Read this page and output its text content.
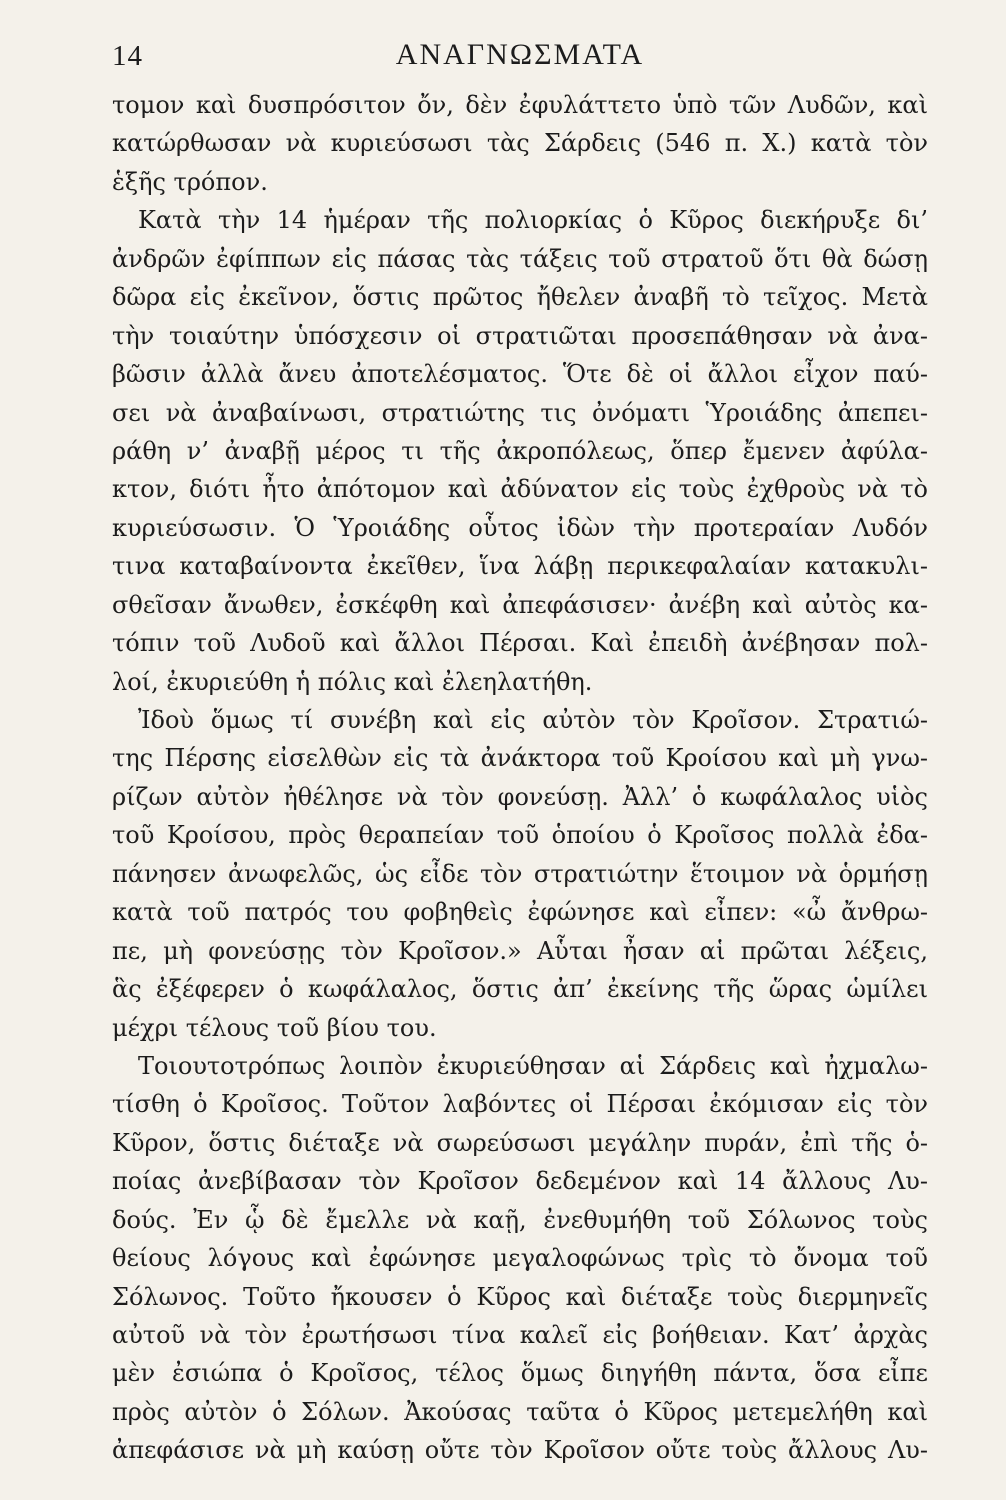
14	ΑΝΑΓΝΩΣΜΑΤΑ
τομον καὶ δυσπρόσιτον ὄν, δὲν ἐφυλάττετο ὑπὸ τῶν Λυδῶν, καὶ
κατώρθωσαν νὰ κυριεύσωσι τὰς Σάρδεις (546 π. Χ.) κατὰ τὸν
ἑξῆς τρόπον.
Κατὰ τὴν 14 ἡμέραν τῆς πολιορκίας ὁ Κῦρος διεκήρυξε δι’
ἀνδρῶν ἐφίππων εἰς πάσας τὰς τάξεις τοῦ στρατοῦ ὅτι θὰ δώσῃ
δῶρα εἰς ἐκεῖνον, ὅστις πρῶτος ἤθελεν ἀναβῆ τὸ τεῖχος. Μετὰ
τὴν τοιαύτην ὑπόσχεσιν οἱ στρατιῶται προσεπάθησαν νὰ ἀνα-
βῶσιν ἀλλὰ ἄνευ ἀποτελέσματος. Ὅτε δὲ οἱ ἄλλοι εἶχον παύ-
σει νὰ ἀναβαίνωσι, στρατιώτης τις ὀνόματι Ὑροιάδης ἀπεπει-
ράθη ν’ ἀναβῇ μέρος τι τῆς ἀκροπόλεως, ὅπερ ἔμενεν ἀφύλα-
κτον, διότι ἦτο ἀπότομον καὶ ἀδύνατον εἰς τοὺς ἐχθροὺς νὰ τὸ
κυριεύσωσιν. Ὁ Ὑροιάδης οὗτος ἰδὼν τὴν προτεραίαν Λυδόν
τινα καταβαίνοντα ἐκεῖθεν, ἵνα λάβῃ περικεφαλαίαν κατακυλι-
σθεῖσαν ἄνωθεν, ἐσκέφθη καὶ ἀπεφάσισεν· ἀνέβη καὶ αὐτὸς κα-
τόπιν τοῦ Λυδοῦ καὶ ἄλλοι Πέρσαι. Καὶ ἐπειδὴ ἀνέβησαν πολ-
λοί, ἐκυριεύθη ἡ πόλις καὶ ἐλεηλατήθη.
Ἰδοὺ ὅμως τί συνέβη καὶ εἰς αὐτὸν τὸν Κροῖσον. Στρατιώ-
της Πέρσης εἰσελθὼν εἰς τὰ ἀνάκτορα τοῦ Κροίσου καὶ μὴ γνω-
ρίζων αὐτὸν ἠθέλησε νὰ τὸν φονεύσῃ. Ἀλλ’ ὁ κωφάλαλος υἱὸς
τοῦ Κροίσου, πρὸς θεραπείαν τοῦ ὁποίου ὁ Κροῖσος πολλὰ ἐδα-
πάνησεν ἀνωφελῶς, ὡς εἶδε τὸν στρατιώτην ἕτοιμον νὰ ὁρμήσῃ
κατὰ τοῦ πατρός του φοβηθεὶς ἐφώνησε καὶ εἶπεν: «ὦ ἄνθρω-
πε, μὴ φονεύσῃς τὸν Κροῖσον.» Αὗται ἦσαν αἱ πρῶται λέξεις,
ἃς ἐξέφερεν ὁ κωφάλαλος, ὅστις ἀπ’ ἐκείνης τῆς ὥρας ὡμίλει
μέχρι τέλους τοῦ βίου του.
Τοιουτοτρόπως λοιπὸν ἐκυριεύθησαν αἱ Σάρδεις καὶ ἠχμαλω-
τίσθη ὁ Κροῖσος. Τοῦτον λαβόντες οἱ Πέρσαι ἐκόμισαν εἰς τὸν
Κῦρον, ὅστις διέταξε νὰ σωρεύσωσι μεγάλην πυράν, ἐπὶ τῆς ὁ-
ποίας ἀνεβίβασαν τὸν Κροῖσον δεδεμένον καὶ 14 ἄλλους Λυ-
δούς. Ἐν ᾧ δὲ ἔμελλε νὰ καῇ, ἐνεθυμήθη τοῦ Σόλωνος τοὺς
θείους λόγους καὶ ἐφώνησε μεγαλοφώνως τρὶς τὸ ὄνομα τοῦ
Σόλωνος. Τοῦτο ἤκουσεν ὁ Κῦρος καὶ διέταξε τοὺς διερμηνεῖς
αὐτοῦ νὰ τὸν ἐρωτήσωσι τίνα καλεῖ εἰς βοήθειαν. Κατ’ ἀρχὰς
μὲν ἐσιώπα ὁ Κροῖσος, τέλος ὅμως διηγήθη πάντα, ὅσα εἶπε
πρὸς αὐτὸν ὁ Σόλων. Ἀκούσας ταῦτα ὁ Κῦρος μετεμελήθη καὶ
ἀπεφάσισε νὰ μὴ καύσῃ οὔτε τὸν Κροῖσον οὔτε τοὺς ἄλλους Λυ-
